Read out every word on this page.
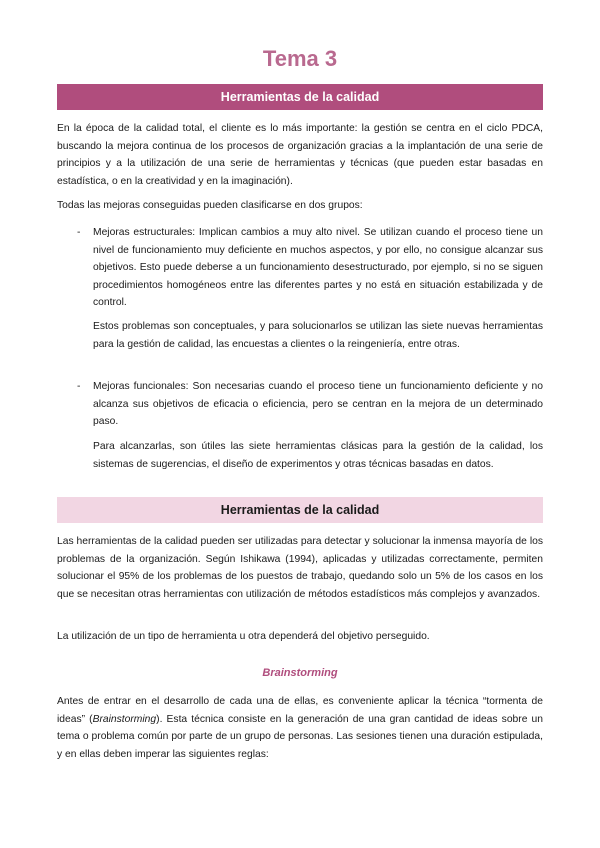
Tema 3
Herramientas de la calidad
En la época de la calidad total, el cliente es lo más importante: la gestión se centra en el ciclo PDCA, buscando la mejora continua de los procesos de organización gracias a la implantación de una serie de principios y a la utilización de una serie de herramientas y técnicas (que pueden estar basadas en estadística, o en la creatividad y en la imaginación).
Todas las mejoras conseguidas pueden clasificarse en dos grupos:
- Mejoras estructurales: Implican cambios a muy alto nivel. Se utilizan cuando el proceso tiene un nivel de funcionamiento muy deficiente en muchos aspectos, y por ello, no consigue alcanzar sus objetivos. Esto puede deberse a un funcionamiento desestructurado, por ejemplo, si no se siguen procedimientos homogéneos entre las diferentes partes y no está en situación estabilizada y de control.
Estos problemas son conceptuales, y para solucionarlos se utilizan las siete nuevas herramientas para la gestión de calidad, las encuestas a clientes o la reingeniería, entre otras.
- Mejoras funcionales: Son necesarias cuando el proceso tiene un funcionamiento deficiente y no alcanza sus objetivos de eficacia o eficiencia, pero se centran en la mejora de un determinado paso.
Para alcanzarlas, son útiles las siete herramientas clásicas para la gestión de la calidad, los sistemas de sugerencias, el diseño de experimentos y otras técnicas basadas en datos.
Herramientas de la calidad
Las herramientas de la calidad pueden ser utilizadas para detectar y solucionar la inmensa mayoría de los problemas de la organización. Según Ishikawa (1994), aplicadas y utilizadas correctamente, permiten solucionar el 95% de los problemas de los puestos de trabajo, quedando solo un 5% de los casos en los que se necesitan otras herramientas con utilización de métodos estadísticos más complejos y avanzados.
La utilización de un tipo de herramienta u otra dependerá del objetivo perseguido.
Brainstorming
Antes de entrar en el desarrollo de cada una de ellas, es conveniente aplicar la técnica “tormenta de ideas” (Brainstorming). Esta técnica consiste en la generación de una gran cantidad de ideas sobre un tema o problema común por parte de un grupo de personas. Las sesiones tienen una duración estipulada, y en ellas deben imperar las siguientes reglas:
